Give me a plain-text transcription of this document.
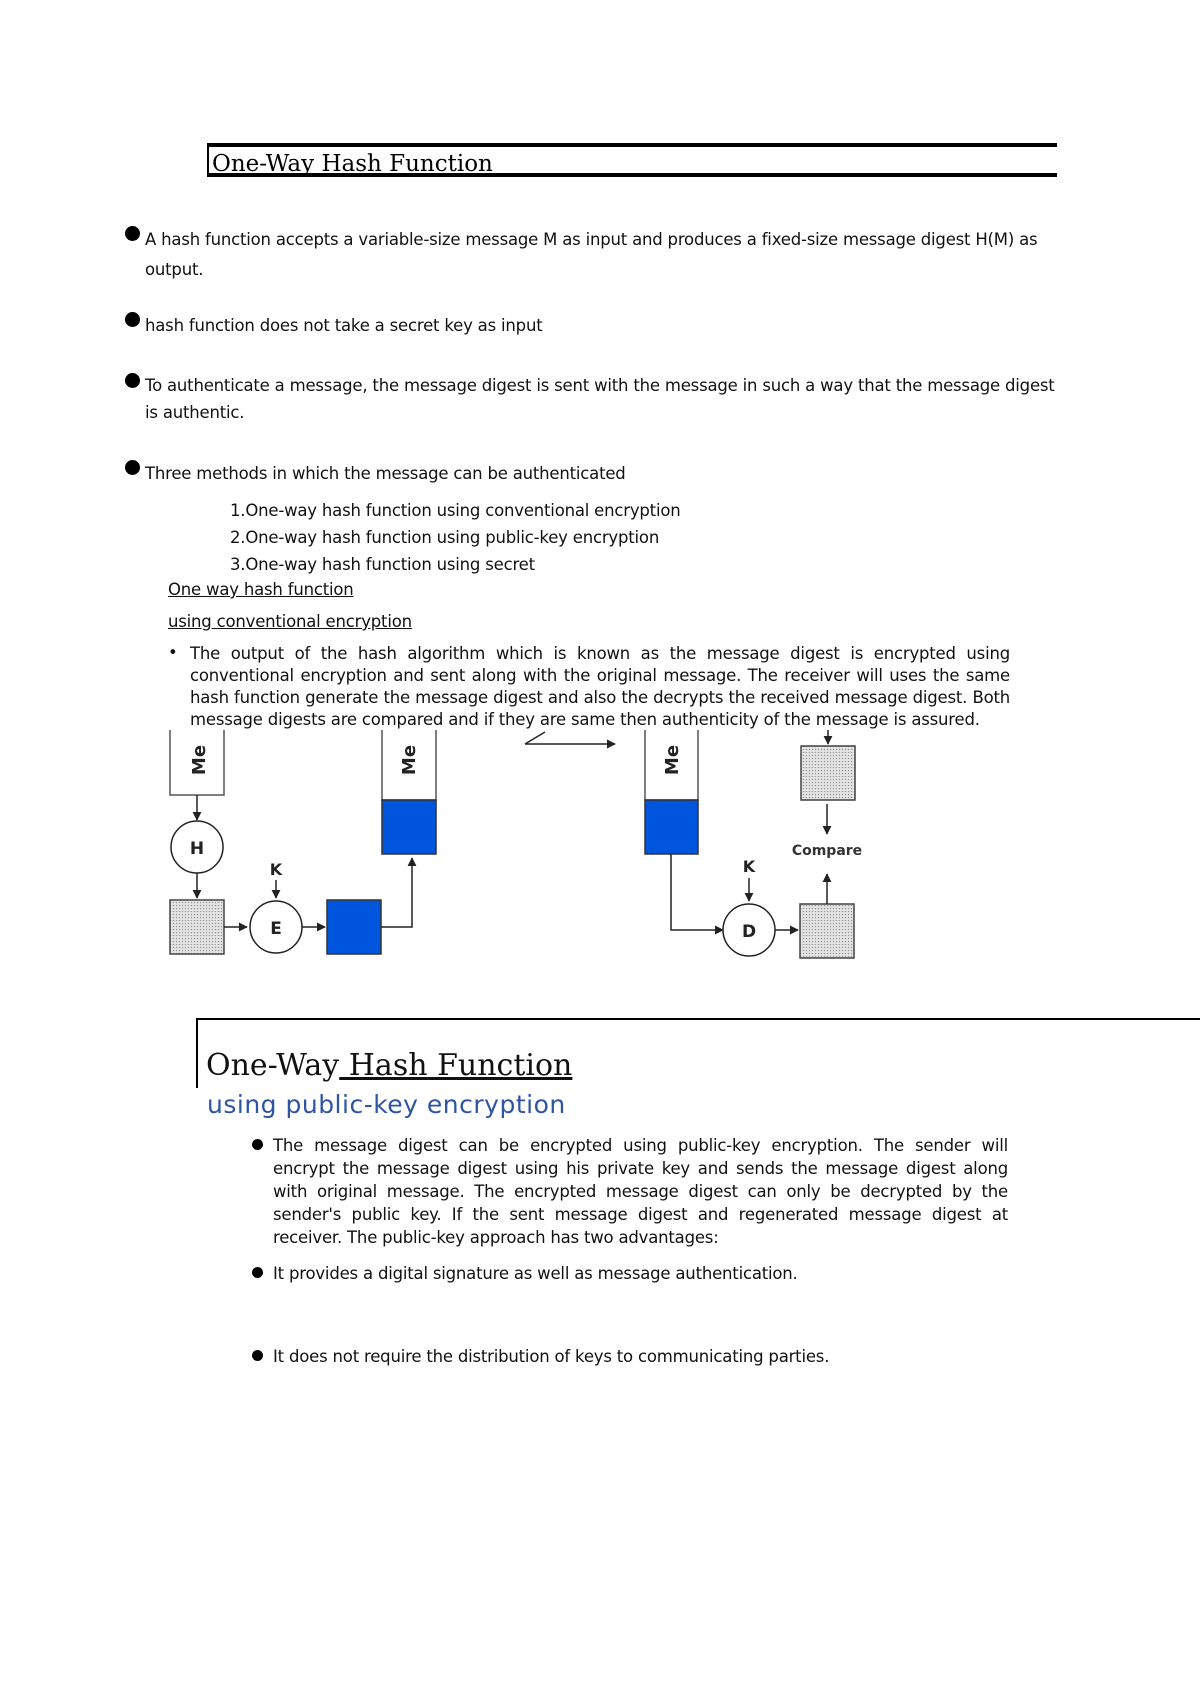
One-Way Hash Function
A hash function accepts a variable-size message M as input and produces a fixed-size message digest H(M) as
output.
hash function does not take a secret key as input
To authenticate a message, the message digest is sent with the message in such a way that the message digest
is authentic.
Three methods in which the message can be authenticated
1.One-way hash function using conventional encryption
2.One-way hash function using public-key encryption
3.One-way hash function using secret
One way hash function
using conventional encryption
• The output of the hash algorithm which is known as the message digest is encrypted using conventional encryption and sent along with the original message. The receiver will uses the same hash function generate the message digest and also the decrypts the received message digest. Both message digests are compared and if they are same then authenticity of the message is assured.
Me
H
E
K
Me	Me
D
K
Compare
One-Way Hash Function
using public-key encryption
The message digest can be encrypted using public-key encryption. The sender will encrypt the message digest using his private key and sends the message digest along with original message. The encrypted message digest can only be decrypted by the sender's public key. If the sent message digest and regenerated message digest at receiver. The public-key approach has two advantages:
It provides a digital signature as well as message authentication.
It does not require the distribution of keys to communicating parties.
